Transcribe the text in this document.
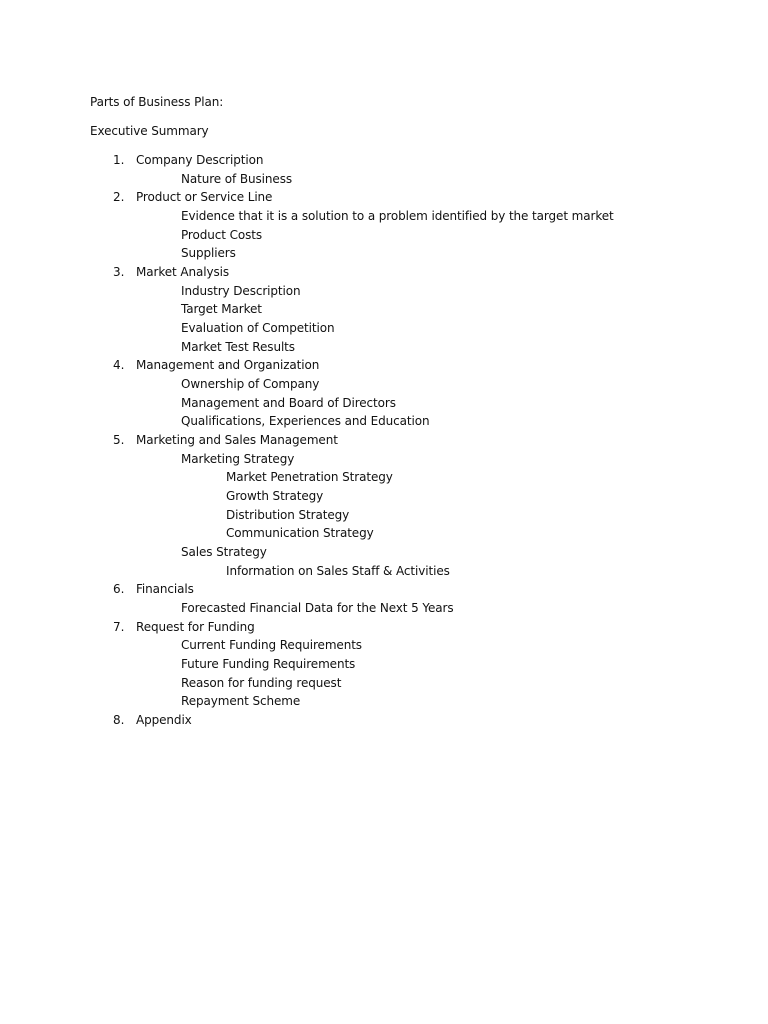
Parts of Business Plan:
Executive Summary
1. Company Description
Nature of Business
2. Product or Service Line
Evidence that it is a solution to a problem identified by the target market
Product Costs
Suppliers
3. Market Analysis
Industry Description
Target Market
Evaluation of Competition
Market Test Results
4. Management and Organization
Ownership of Company
Management and Board of Directors
Qualifications, Experiences and Education
5. Marketing and Sales Management
Marketing Strategy
Market Penetration Strategy
Growth Strategy
Distribution Strategy
Communication Strategy
Sales Strategy
Information on Sales Staff & Activities
6. Financials
Forecasted Financial Data for the Next 5 Years
7. Request for Funding
Current Funding Requirements
Future Funding Requirements
Reason for funding request
Repayment Scheme
8. Appendix
